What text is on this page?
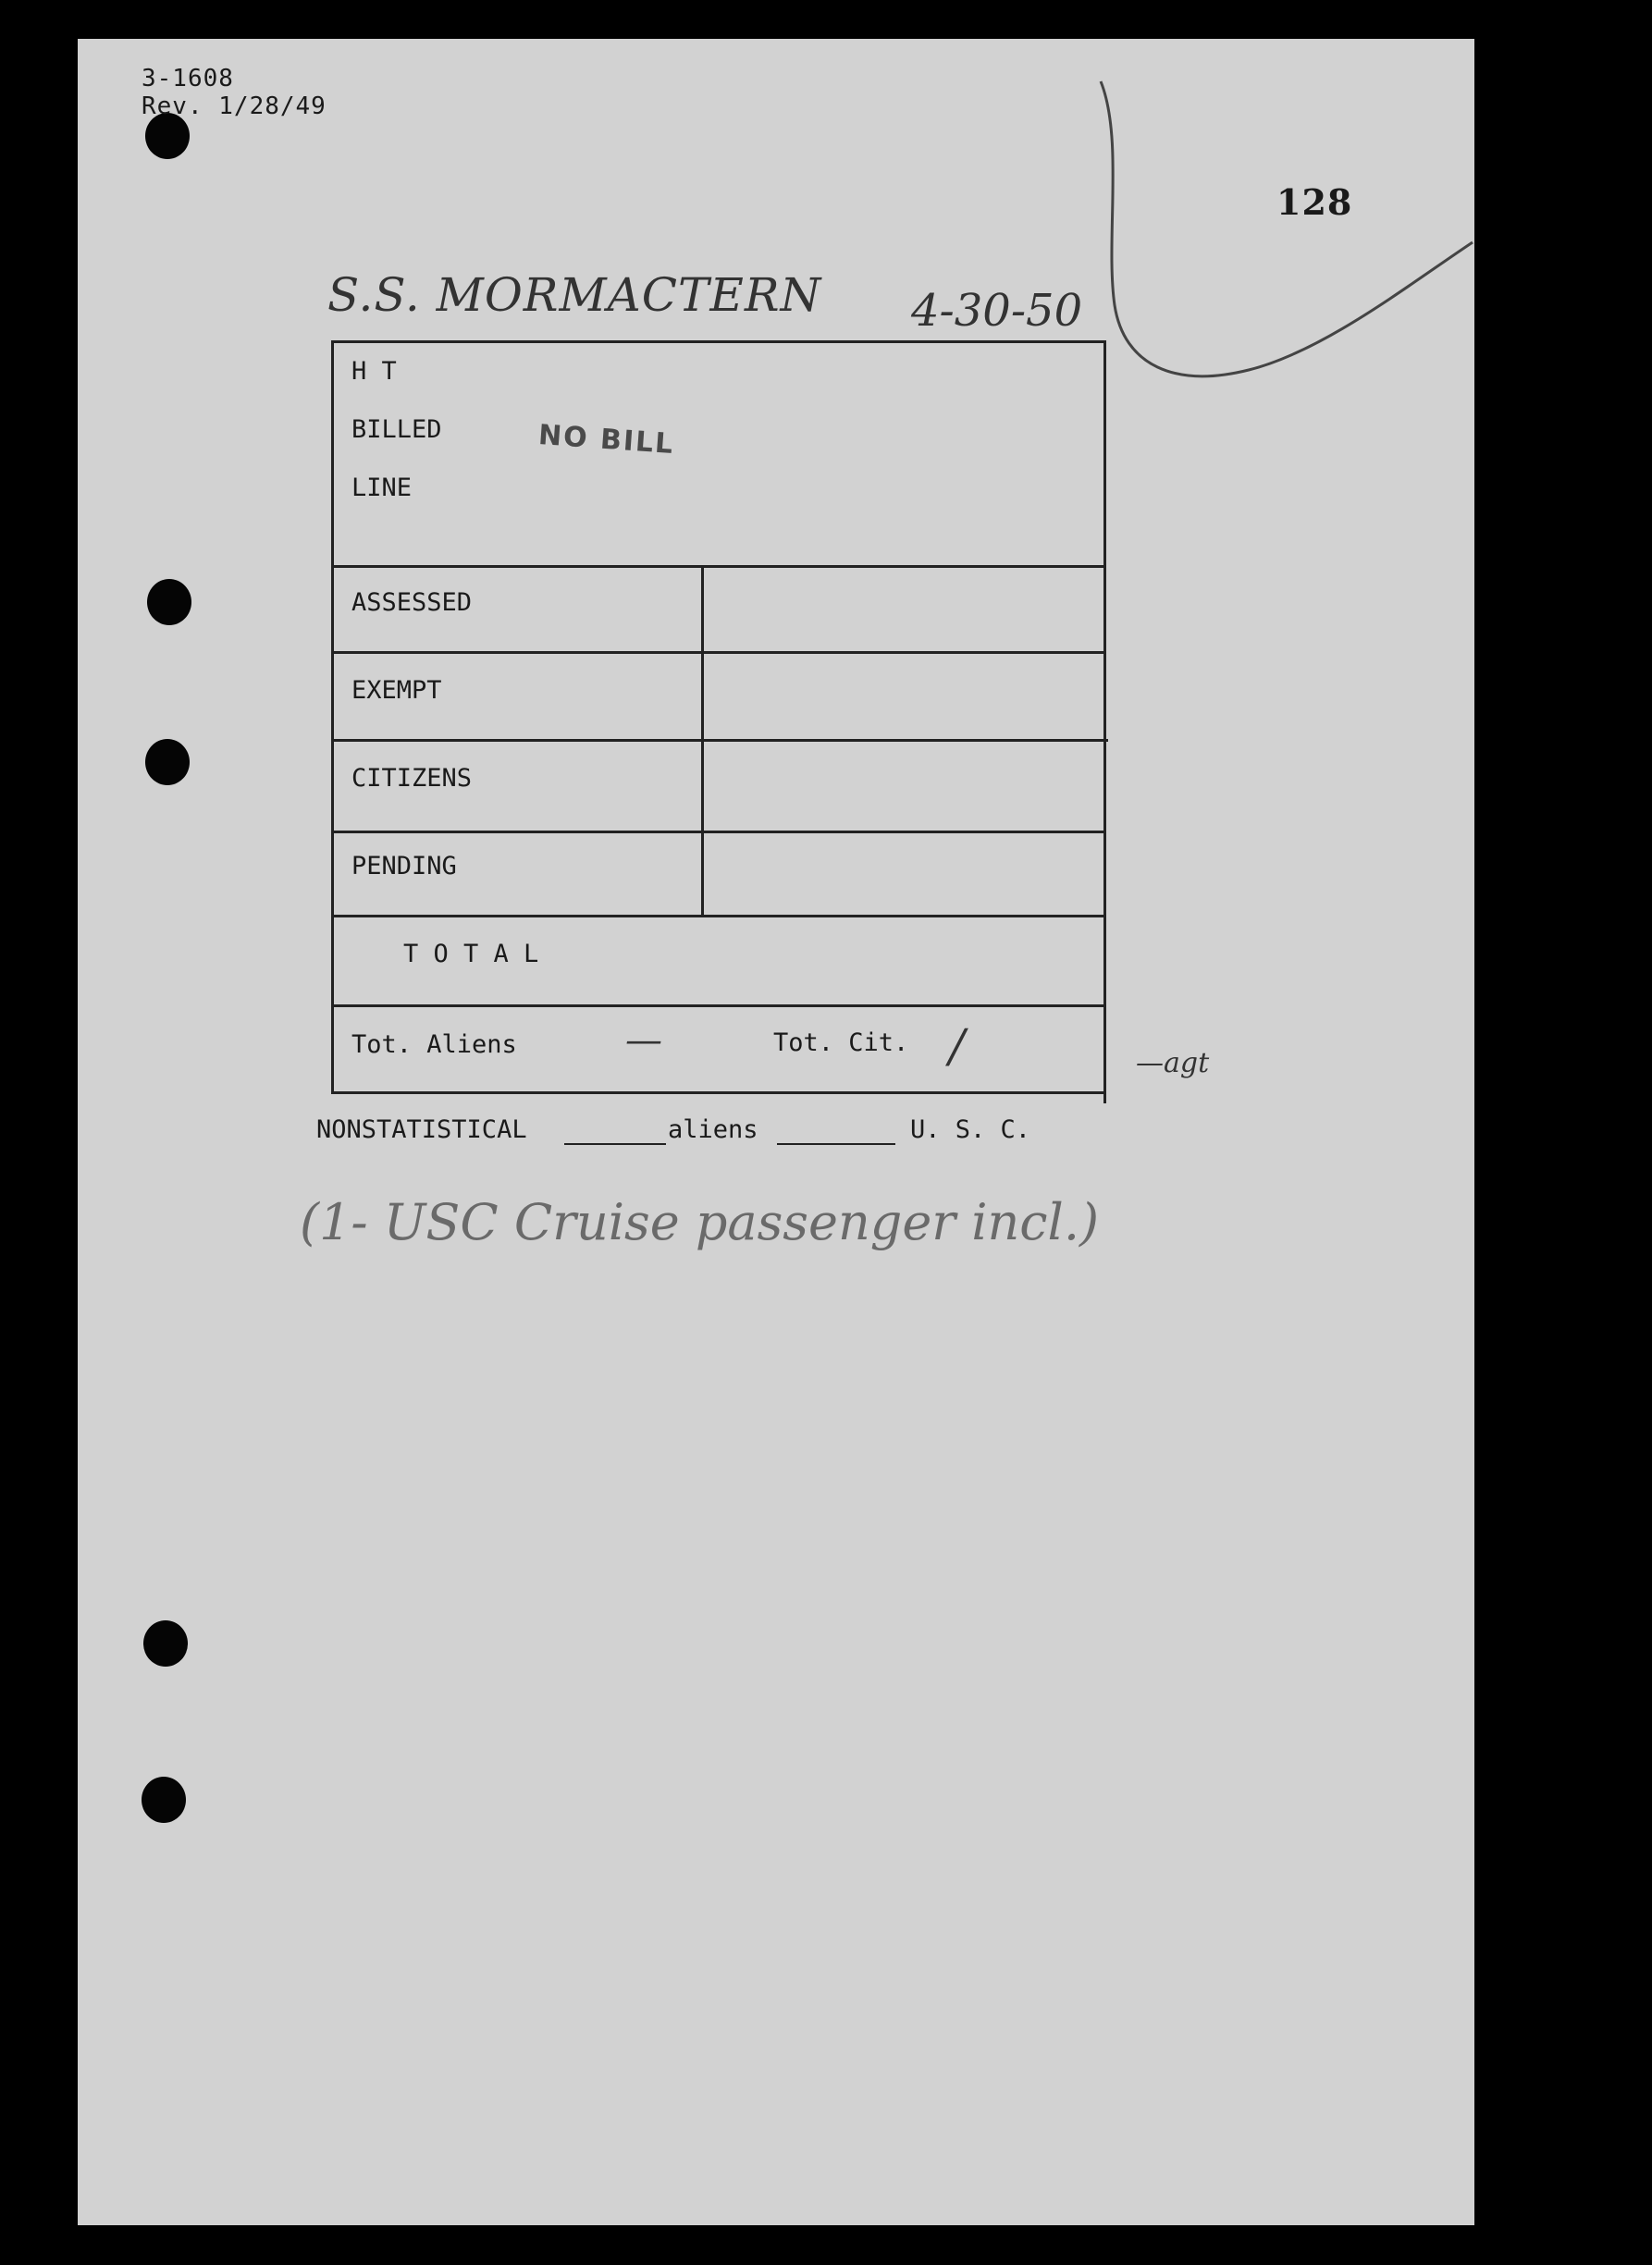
3-1608
Rev. 1/28/49
128
S.S. MORMACTERN 4-30-50
H T
BILLED
LINE
NO BILL
ASSESSED
EXEMPT
CITIZENS
PENDING
T O T A L
Tot. Aliens	—	Tot. Cit. /	—agt
NONSTATISTICAL	aliens	U. S. C.
(1- USC Cruise passenger incl.)
